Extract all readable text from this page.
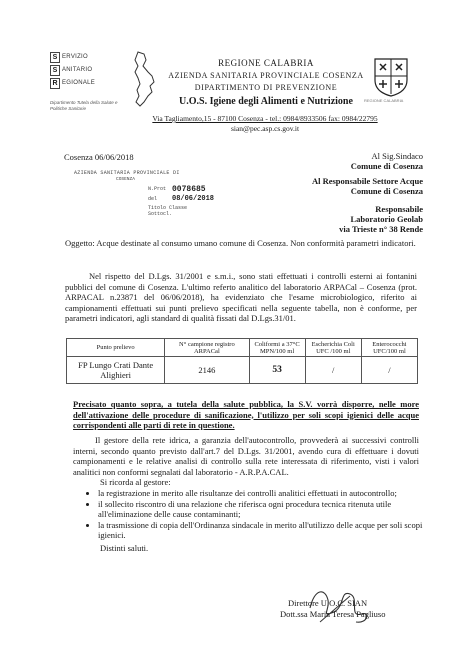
S ERVIZIO
S ANITARIO
R EGIONALE
Dipartimento Tutela della Salute e Politiche Sanitarie
REGIONE CALABRIA
AZIENDA SANITARIA PROVINCIALE COSENZA
DIPARTIMENTO DI PREVENZIONE
U.O.S. Igiene degli Alimenti e Nutrizione
Via Tagliamento,15 - 87100 Cosenza - tel.: 0984/8933506 fax: 0984/22795
sian@pec.asp.cs.gov.it
REGIONE CALABRIA
Cosenza 06/06/2018
AZIENDA SANITARIA PROVINCIALE DI
COSENZA
N.Prot 0078685
del 08/06/2018
Titolo Classe Sottocl.
Al Sig.Sindaco
Comune di Cosenza
Al Responsabile Settore Acque
Comune di Cosenza
Responsabile
Laboratorio Geolab
via Trieste n° 38 Rende
Oggetto: Acque destinate al consumo umano comune di Cosenza. Non conformità parametri indicatori.
Nel rispetto del D.Lgs. 31/2001 e s.m.i., sono stati effettuati i controlli esterni ai fontanini pubblici del comune di Cosenza. L'ultimo referto analitico del laboratorio ARPACal – Cosenza (prot. ARPACAL n.23871 del 06/06/2018), ha evidenziato che l'esame microbiologico, riferito ai campionamenti effettuati sui punti prelievo specificati nella seguente tabella, non è conforme, per parametri indicatori, agli standard di qualità fissati dal D.Lgs.31/01.
Punto prelievo	N° campione registro ARPACal	Coliformi a 37°C MPN/100 ml	Escherichia Coli UFC /100 ml	Enterococchi UFC/100 ml
FP Lungo Crati Dante Alighieri	2146	53	/	/
Precisato quanto sopra, a tutela della salute pubblica, la S.V. vorrà disporre, nelle more dell'attivazione delle procedure di sanificazione, l'utilizzo per soli scopi igienici delle acque corrispondenti alle parti di rete in questione.
Il gestore della rete idrica, a garanzia dell'autocontrollo, provvederà ai successivi controlli interni, secondo quanto previsto dall'art.7 del D.Lgs. 31/2001, avendo cura di effettuare i dovuti campionamenti e le relative analisi di controllo sulla rete interessata di riferimento, visti i valori analitici non conformi segnalati dal laboratorio - A.R.P.A.CAL.
Si ricorda al gestore:
• la registrazione in merito alle risultanze dei controlli analitici effettuati in autocontrollo;
• il sollecito riscontro di una relazione che riferisca ogni procedura tecnica ritenuta utile all'eliminazione delle cause contaminanti;
• la trasmissione di copia dell'Ordinanza sindacale in merito all'utilizzo delle acque per soli scopi igienici.
Distinti saluti.
Direttore U.O.C. SIAN
Dott.ssa Maria Teresa Pagliuso
